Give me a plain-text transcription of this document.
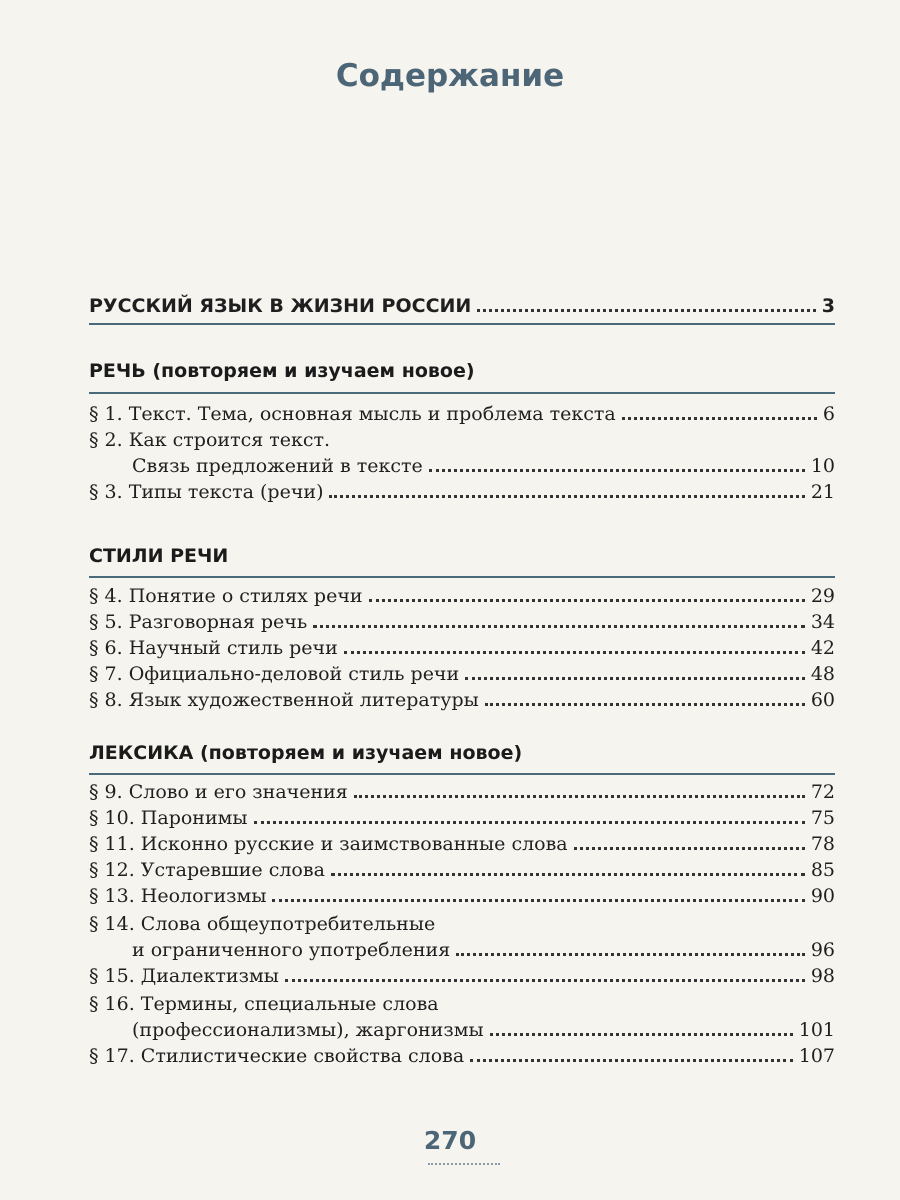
Содержание
РУССКИЙ ЯЗЫК В ЖИЗНИ РОССИИ	3
РЕЧЬ (повторяем и изучаем новое)
§ 1. Текст. Тема, основная мысль и проблема текста	6
§ 2. Как строится текст.
Связь предложений в тексте	10
§ 3. Типы текста (речи)	21
СТИЛИ РЕЧИ
§ 4. Понятие о стилях речи	29
§ 5. Разговорная речь	34
§ 6. Научный стиль речи	42
§ 7. Официально-деловой стиль речи	48
§ 8. Язык художественной литературы	60
ЛЕКСИКА (повторяем и изучаем новое)
§ 9. Слово и его значения	72
§ 10. Паронимы	75
§ 11. Исконно русские и заимствованные слова	78
§ 12. Устаревшие слова	85
§ 13. Неологизмы	90
§ 14. Слова общеупотребительные
и ограниченного употребления	96
§ 15. Диалектизмы	98
§ 16. Термины, специальные слова
(профессионализмы), жаргонизмы	101
§ 17. Стилистические свойства слова	107
270
